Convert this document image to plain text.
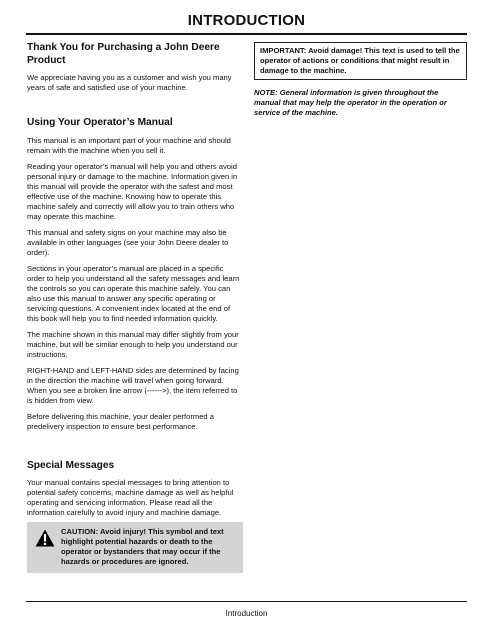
INTRODUCTION
Thank You for Purchasing a John Deere Product

We appreciate having you as a customer and wish you many years of safe and satisfied use of your machine.

Using Your Operator’s Manual

This manual is an important part of your machine and should remain with the machine when you sell it.

Reading your operator’s manual will help you and others avoid personal injury or damage to the machine. Information given in this manual will provide the operator with the safest and most effective use of the machine. Knowing how to operate this machine safely and correctly will allow you to train others who may operate this machine.

This manual and safety signs on your machine may also be available in other languages (see your John Deere dealer to order).

Sections in your operator’s manual are placed in a specific order to help you understand all the safety messages and learn the controls so you can operate this machine safely. You can also use this manual to answer any specific operating or servicing questions. A convenient index located at the end of this book will help you to find needed information quickly.

The machine shown in this manual may differ slightly from your machine, but will be similar enough to help you understand our instructions.

RIGHT-HAND and LEFT-HAND sides are determined by facing in the direction the machine will travel when going forward. When you see a broken line arrow (------>), the item referred to is hidden from view.

Before delivering this machine, your dealer performed a predelivery inspection to ensure best performance.

Special Messages

Your manual contains special messages to bring attention to potential safety concerns, machine damage as well as helpful operating and servicing information. Please read all the information carefully to avoid injury and machine damage.

CAUTION: Avoid injury! This symbol and text highlight potential hazards or death to the operator or bystanders that may occur if the hazards or procedures are ignored.
IMPORTANT: Avoid damage! This text is used to tell the operator of actions or conditions that might result in damage to the machine.
NOTE: General information is given throughout the manual that may help the operator in the operation or service of the machine.
Introduction
